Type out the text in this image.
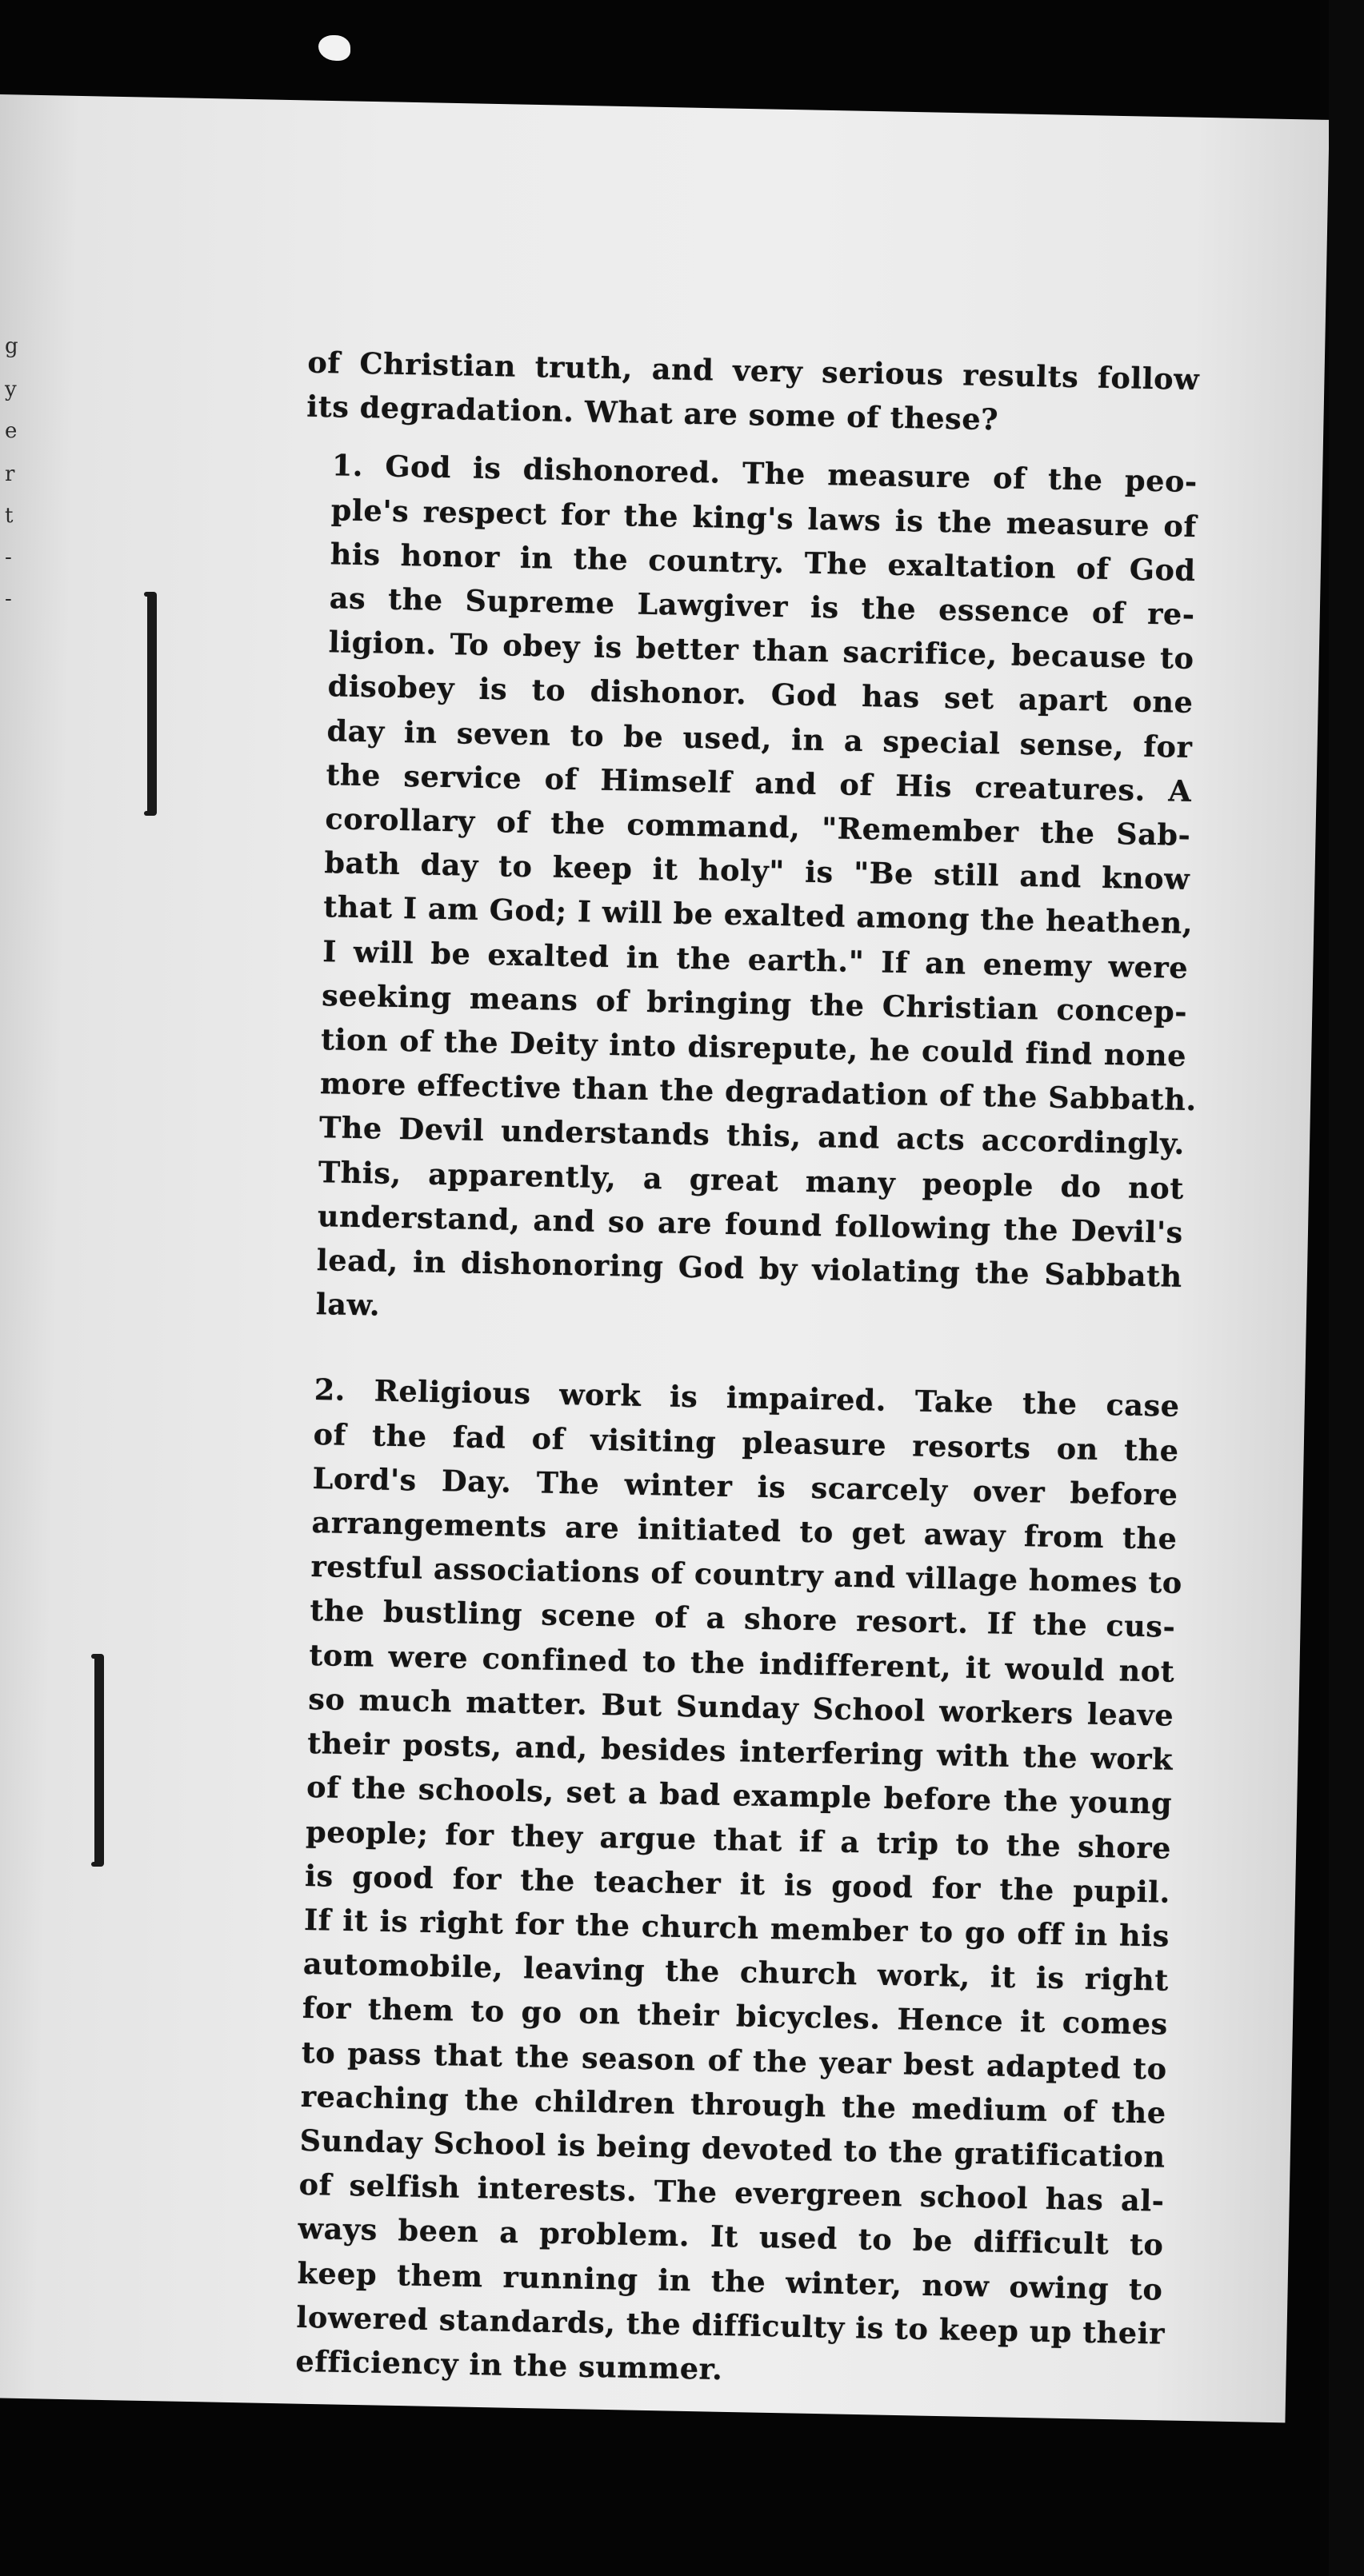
g
y
e
r
t
-
-

of Christian truth, and very serious results follow
its degradation. What are some of these?

1. God is dishonored. The measure of the peo-
ple's respect for the king's laws is the measure of
his honor in the country. The exaltation of God
as the Supreme Lawgiver is the essence of re-
ligion. To obey is better than sacrifice, because to
disobey is to dishonor. God has set apart one
day in seven to be used, in a special sense, for
the service of Himself and of His creatures. A
corollary of the command, "Remember the Sab-
bath day to keep it holy" is "Be still and know
that I am God; I will be exalted among the heathen,
I will be exalted in the earth." If an enemy were
seeking means of bringing the Christian concep-
tion of the Deity into disrepute, he could find none
more effective than the degradation of the Sabbath.
The Devil understands this, and acts accordingly.
This, apparently, a great many people do not
understand, and so are found following the Devil's
lead, in dishonoring God by violating the Sabbath
law.

2. Religious work is impaired. Take the case
of the fad of visiting pleasure resorts on the
Lord's Day. The winter is scarcely over before
arrangements are initiated to get away from the
restful associations of country and village homes to
the bustling scene of a shore resort. If the cus-
tom were confined to the indifferent, it would not
so much matter. But Sunday School workers leave
their posts, and, besides interfering with the work
of the schools, set a bad example before the young
people; for they argue that if a trip to the shore
is good for the teacher it is good for the pupil.
If it is right for the church member to go off in his
automobile, leaving the church work, it is right
for them to go on their bicycles. Hence it comes
to pass that the season of the year best adapted to
reaching the children through the medium of the
Sunday School is being devoted to the gratification
of selfish interests. The evergreen school has al-
ways been a problem. It used to be difficult to
keep them running in the winter, now owing to
lowered standards, the difficulty is to keep up their
efficiency in the summer.
